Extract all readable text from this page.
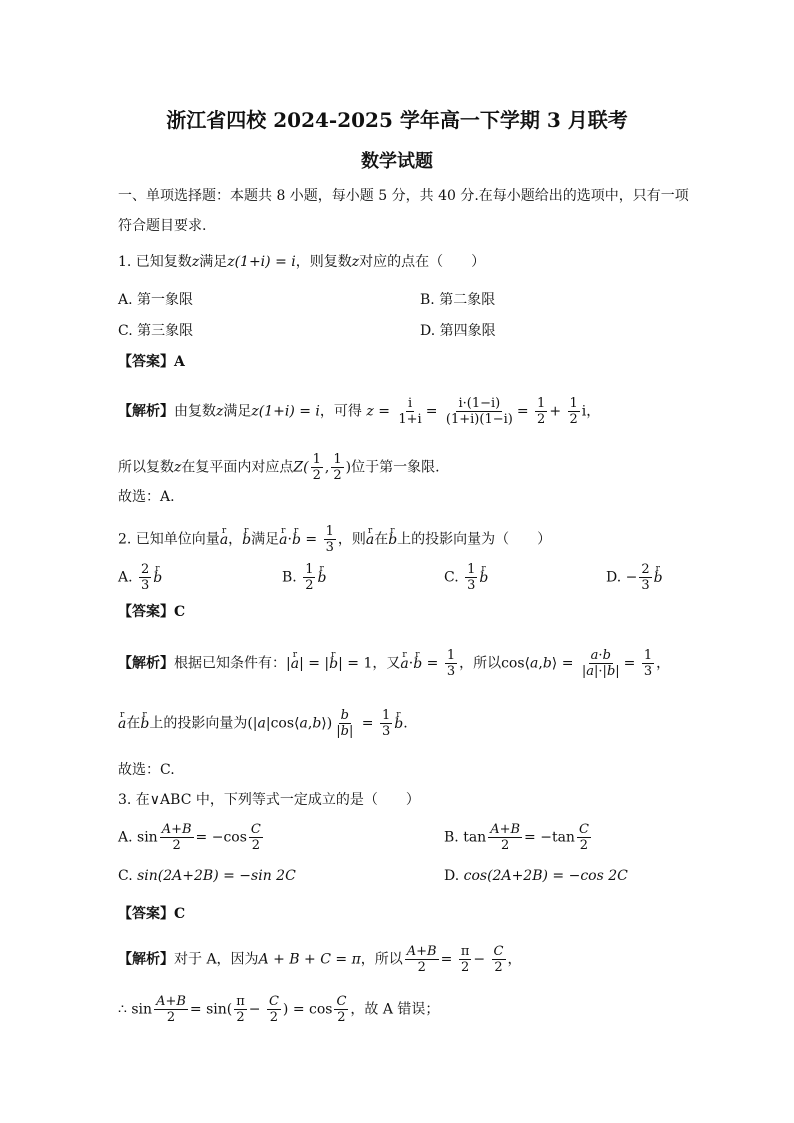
浙江省四校 2024-2025 学年高一下学期 3 月联考
数学试题
一、单项选择题：本题共 8 小题，每小题 5 分，共 40 分.在每小题给出的选项中，只有一项
符合题目要求.
1. 已知复数z满足z(1+i) = i，则复数z对应的点在（　　）
A. 第一象限	B. 第二象限
C. 第三象限	D. 第四象限
【答案】A
【解析】由复数z满足z(1+i) = i，可得 $z = \frac{i}{1+i} = \frac{i\cdot(1-i)}{(1+i)(1-i)} = \frac{1}{2} + \frac{1}{2}$ i，
所以复数z在复平面内对应点$Z( \frac{1}{2}$ , $\frac{1}{2}$ )位于第一象限.
故选：A.
2. 已知单位向量r a，r b满足r a·r $b = \frac{1}{3}$ ，则r a在r b上的投影向量为（　　）
A. $\frac{2}{3}$ r b	B. $\frac{1}{2}$ r b	C. $\frac{1}{3}$ r b	D. − $\frac{2}{3}$ r b
【答案】C
【解析】根据已知条件有：|r a| = |r b| = 1，又r a·r $b = \frac{1}{3}$ ，所以cos⟨a,b⟩ = $\frac{a\cdot b}{|a|\cdot|b|} = \frac{1}{3}$ ，
r a在r b上的投影向量为(|a|cos⟨a,b⟩) $\frac{b}{|b|} = \frac{1}{3}$ r b.
故选：C.
3. 在∨ABC 中，下列等式一定成立的是（　　）
A. $\sin \frac{A+B}{2} = -\cos \frac{C}{2}$	B. $\tan \frac{A+B}{2} = -\tan \frac{C}{2}$
C. sin(2A+2B) = −sin 2C	D. cos(2A+2B) = −cos 2C
【答案】C
【解析】对于 A，因为A + B + C = π，所以 $\frac{A+B}{2} = \frac{\pi}{2} - \frac{C}{2}$ ，
∴ $\sin \frac{A+B}{2} = \sin( \frac{\pi}{2} - \frac{C}{2}$ ) = $\cos \frac{C}{2}$ ，故 A 错误；
